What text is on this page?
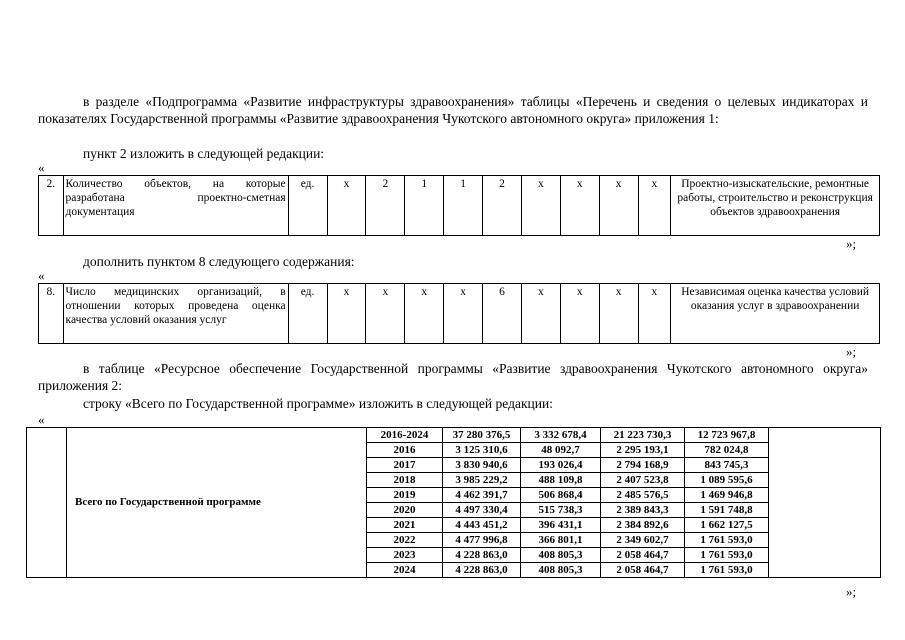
в разделе «Подпрограмма «Развитие инфраструктуры здравоохранения» таблицы «Перечень и сведения о целевых индикаторах и показателях Государственной программы «Развитие здравоохранения Чукотского автономного округа» приложения 1:
пункт 2 изложить в следующей редакции:
«
2.	Количество объектов, на которые разработана проектно-сметная документация	ед.	х	2	1	1	2	х	х	х	х	Проектно-изыскательские, ремонтные работы, строительство и реконструкция объектов здравоохранения
»;
дополнить пунктом 8 следующего содержания:
«
8.	Число медицинских организаций, в отношении которых проведена оценка качества условий оказания услуг	ед.	х	х	х	х	6	х	х	х	х	Независимая оценка качества условий оказания услуг в здравоохранении
»;
в таблице «Ресурсное обеспечение Государственной программы «Развитие здравоохранения Чукотского автономного округа» приложения 2:
строку «Всего по Государственной программе» изложить в следующей редакции:
«
	Всего по Государственной программе	2016-2024	37 280 376,5	3 332 678,4	21 223 730,3	12 723 967,8	
		2016	3 125 310,6	48 092,7	2 295 193,1	782 024,8	
		2017	3 830 940,6	193 026,4	2 794 168,9	843 745,3	
		2018	3 985 229,2	488 109,8	2 407 523,8	1 089 595,6	
		2019	4 462 391,7	506 868,4	2 485 576,5	1 469 946,8	
		2020	4 497 330,4	515 738,3	2 389 843,3	1 591 748,8	
		2021	4 443 451,2	396 431,1	2 384 892,6	1 662 127,5	
		2022	4 477 996,8	366 801,1	2 349 602,7	1 761 593,0	
		2023	4 228 863,0	408 805,3	2 058 464,7	1 761 593,0	
		2024	4 228 863,0	408 805,3	2 058 464,7	1 761 593,0	
»;
